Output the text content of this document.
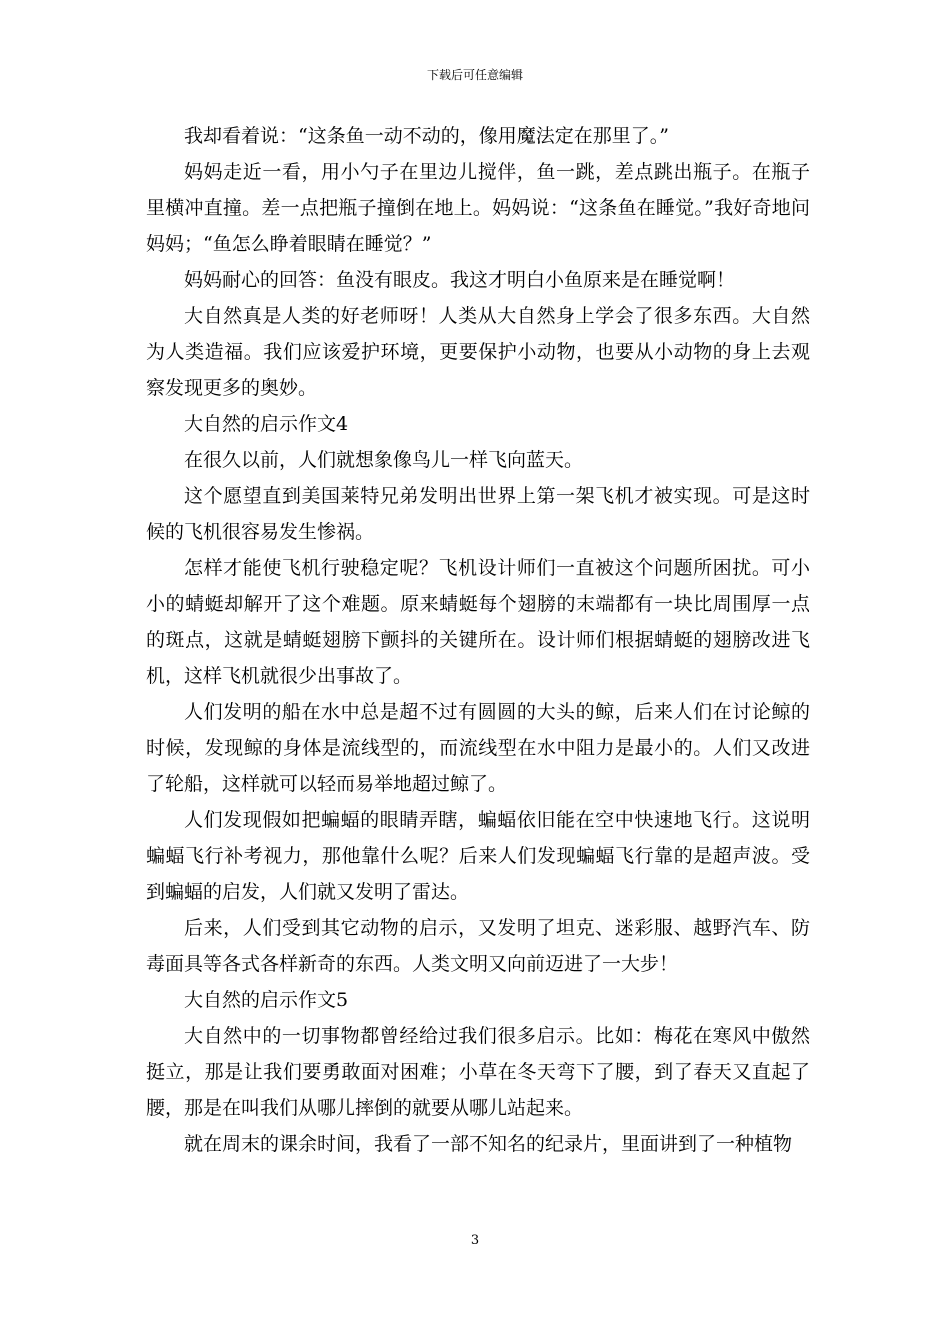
下载后可任意编辑

我却看着说：“这条鱼一动不动的，像用魔法定在那里了。”

妈妈走近一看，用小勺子在里边儿搅伴，鱼一跳，差点跳出瓶子。在瓶子里横冲直撞。差一点把瓶子撞倒在地上。妈妈说：“这条鱼在睡觉。”我好奇地问妈妈；“鱼怎么睁着眼睛在睡觉？”

妈妈耐心的回答：鱼没有眼皮。我这才明白小鱼原来是在睡觉啊！

大自然真是人类的好老师呀！人类从大自然身上学会了很多东西。大自然为人类造福。我们应该爱护环境，更要保护小动物，也要从小动物的身上去观察发现更多的奥妙。

大自然的启示作文4

在很久以前，人们就想象像鸟儿一样飞向蓝天。

这个愿望直到美国莱特兄弟发明出世界上第一架飞机才被实现。可是这时候的飞机很容易发生惨祸。

怎样才能使飞机行驶稳定呢？飞机设计师们一直被这个问题所困扰。可小小的蜻蜓却解开了这个难题。原来蜻蜓每个翅膀的末端都有一块比周围厚一点的斑点，这就是蜻蜓翅膀下颤抖的关键所在。设计师们根据蜻蜓的翅膀改进飞机，这样飞机就很少出事故了。

人们发明的船在水中总是超不过有圆圆的大头的鲸，后来人们在讨论鲸的时候，发现鲸的身体是流线型的，而流线型在水中阻力是最小的。人们又改进了轮船，这样就可以轻而易举地超过鲸了。

人们发现假如把蝙蝠的眼睛弄瞎，蝙蝠依旧能在空中快速地飞行。这说明蝙蝠飞行补考视力，那他靠什么呢？后来人们发现蝙蝠飞行靠的是超声波。受到蝙蝠的启发，人们就又发明了雷达。

后来，人们受到其它动物的启示，又发明了坦克、迷彩服、越野汽车、防毒面具等各式各样新奇的东西。人类文明又向前迈进了一大步！

大自然的启示作文5

大自然中的一切事物都曾经给过我们很多启示。比如：梅花在寒风中傲然挺立，那是让我们要勇敢面对困难；小草在冬天弯下了腰，到了春天又直起了腰，那是在叫我们从哪儿摔倒的就要从哪儿站起来。

就在周末的课余时间，我看了一部不知名的纪录片，里面讲到了一种植物

3
